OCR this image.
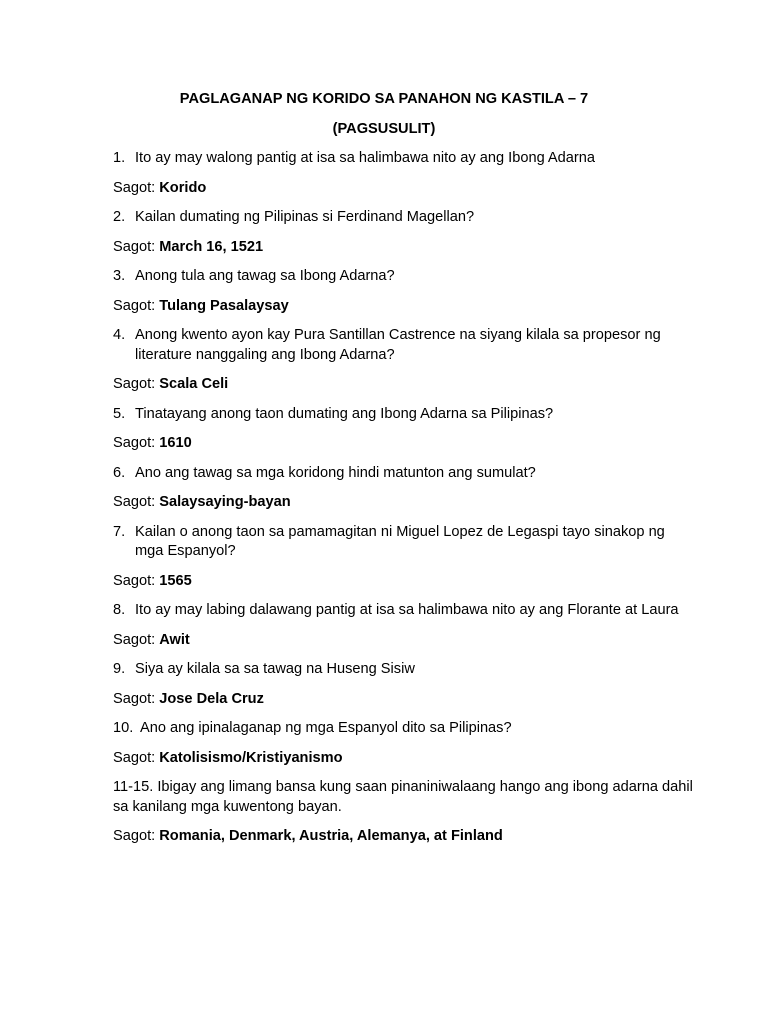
PAGLAGANAP NG KORIDO SA PANAHON NG KASTILA – 7
(PAGSUSULIT)
1. Ito ay may walong pantig at isa sa halimbawa nito ay ang Ibong Adarna
Sagot: Korido
2. Kailan dumating ng Pilipinas si Ferdinand Magellan?
Sagot: March 16, 1521
3. Anong tula ang tawag sa Ibong Adarna?
Sagot: Tulang Pasalaysay
4. Anong kwento ayon kay Pura Santillan Castrence na siyang kilala sa propesor ng literature nanggaling ang Ibong Adarna?
Sagot: Scala Celi
5. Tinatayang anong taon dumating ang Ibong Adarna sa Pilipinas?
Sagot: 1610
6. Ano ang tawag sa mga koridong hindi matunton ang sumulat?
Sagot: Salaysaying-bayan
7. Kailan o anong taon sa pamamagitan ni Miguel Lopez de Legaspi tayo sinakop ng mga Espanyol?
Sagot: 1565
8. Ito ay may labing dalawang pantig at isa sa halimbawa nito ay ang Florante at Laura
Sagot: Awit
9. Siya ay kilala sa sa tawag na Huseng Sisiw
Sagot: Jose Dela Cruz
10. Ano ang ipinalaganap ng mga Espanyol dito sa Pilipinas?
Sagot: Katolisismo/Kristiyanismo
11-15. Ibigay ang limang bansa kung saan pinaniniwalaang hango ang ibong adarna dahil sa kanilang mga kuwentong bayan.
Sagot: Romania, Denmark, Austria, Alemanya, at Finland
